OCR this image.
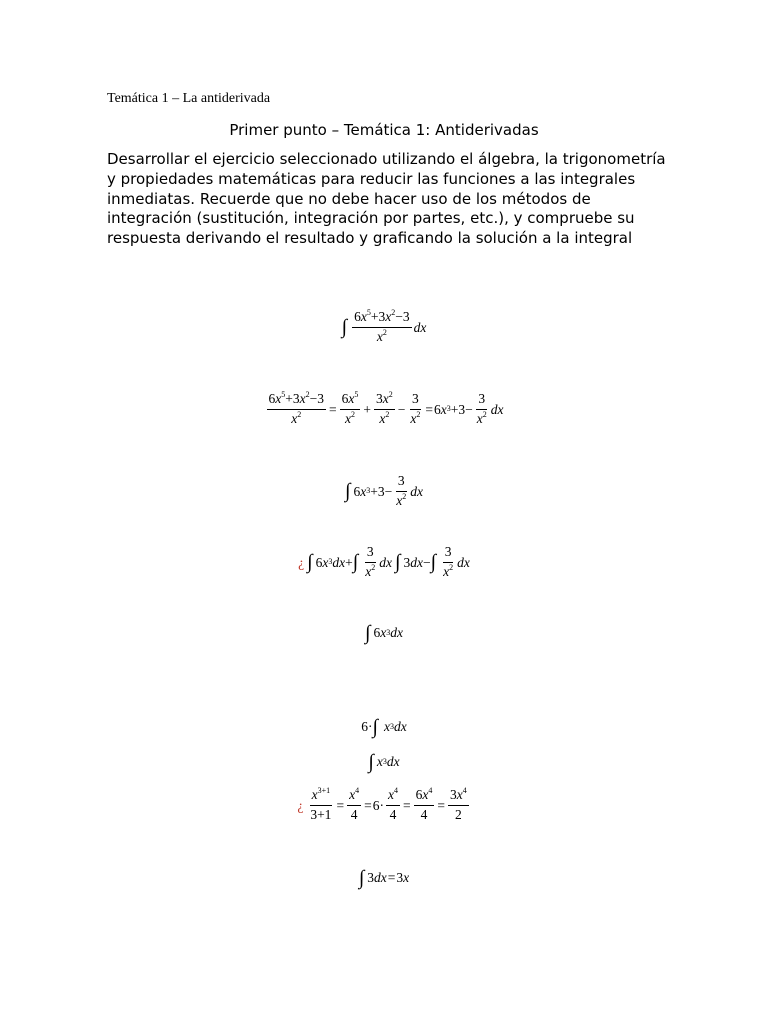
Temática 1 – La antiderivada
Primer punto – Temática 1: Antiderivadas
Desarrollar el ejercicio seleccionado utilizando el álgebra, la trigonometría y propiedades matemáticas para reducir las funciones a las integrales inmediatas. Recuerde que no debe hacer uso de los métodos de integración (sustitución, integración por partes, etc.), y compruebe su respuesta derivando el resultado y graficando la solución a la integral
∫ $\frac{6x^5+3x^2-3}{x^2}$ dx
$\frac{6x^5+3x^2-3}{x^2} = \frac{6x^5}{x^2} + \frac{3x^2}{x^2} - \frac{3}{x^2} = 6$ x $3 +3- \frac{3}{x^2}$ dx
∫ 6 x $3 +3- \frac{3}{x^2}$ dx
¿ ∫ 6 x 3 dx + ∫ $\frac{3}{x^2}$ dx ∫ 3 dx − ∫ $\frac{3}{x^2}$ dx
∫ 6 x 3 dx
6· ∫ x 3 dx
∫ x 3 dx
¿ $\frac{x^{3+1}}{3+1} = \frac{x^4}{4} = 6\cdot \frac{x^4}{4} = \frac{6x^4}{4} = \frac{3x^4}{2}$
∫ 3 dx = 3 x
